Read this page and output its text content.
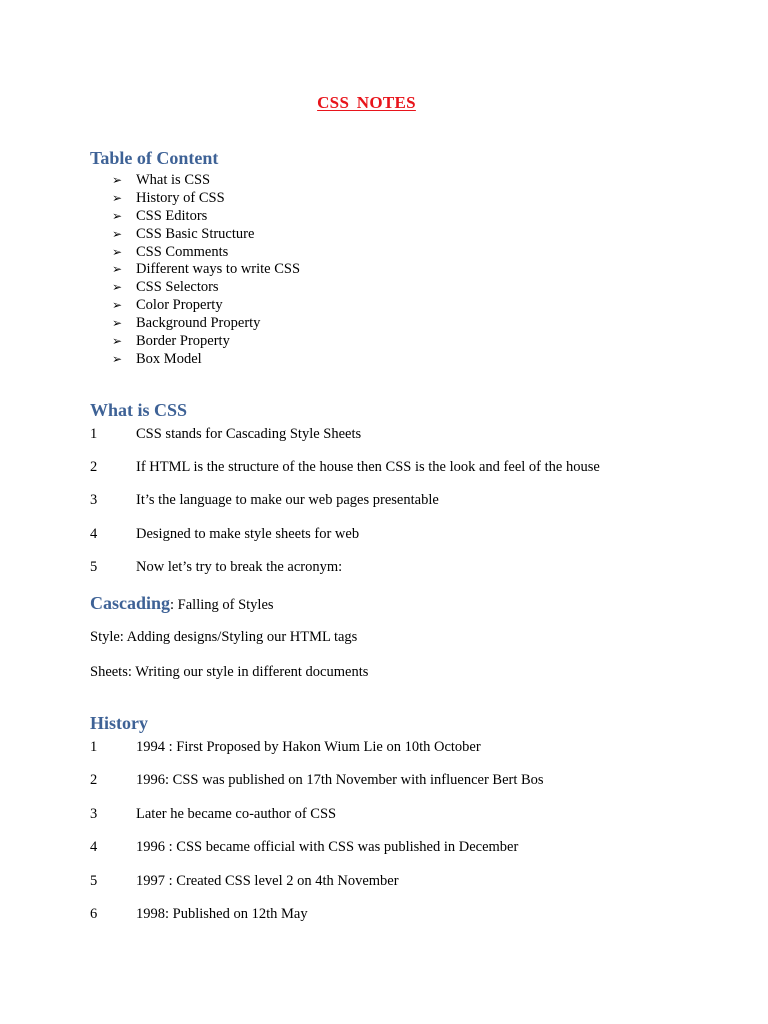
CSS NOTES
Table of Content
➢ What is CSS
➢ History of CSS
➢ CSS Editors
➢ CSS Basic Structure
➢ CSS Comments
➢ Different ways to write CSS
➢ CSS Selectors
➢ Color Property
➢ Background Property
➢ Border Property
➢ Box Model
What is CSS
1	CSS stands for Cascading Style Sheets
2	If HTML is the structure of the house then CSS is the look and feel of the house
3	It’s the language to make our web pages presentable
4	Designed to make style sheets for web
5	Now let’s try to break the acronym:
Cascading: Falling of Styles
Style: Adding designs/Styling our HTML tags
Sheets: Writing our style in different documents
History
1	1994 : First Proposed by Hakon Wium Lie on 10th October
2	1996: CSS was published on 17th November with influencer Bert Bos
3	Later he became co-author of CSS
4	1996 : CSS became official with CSS was published in December
5	1997 : Created CSS level 2 on 4th November
6	1998: Published on 12th May
